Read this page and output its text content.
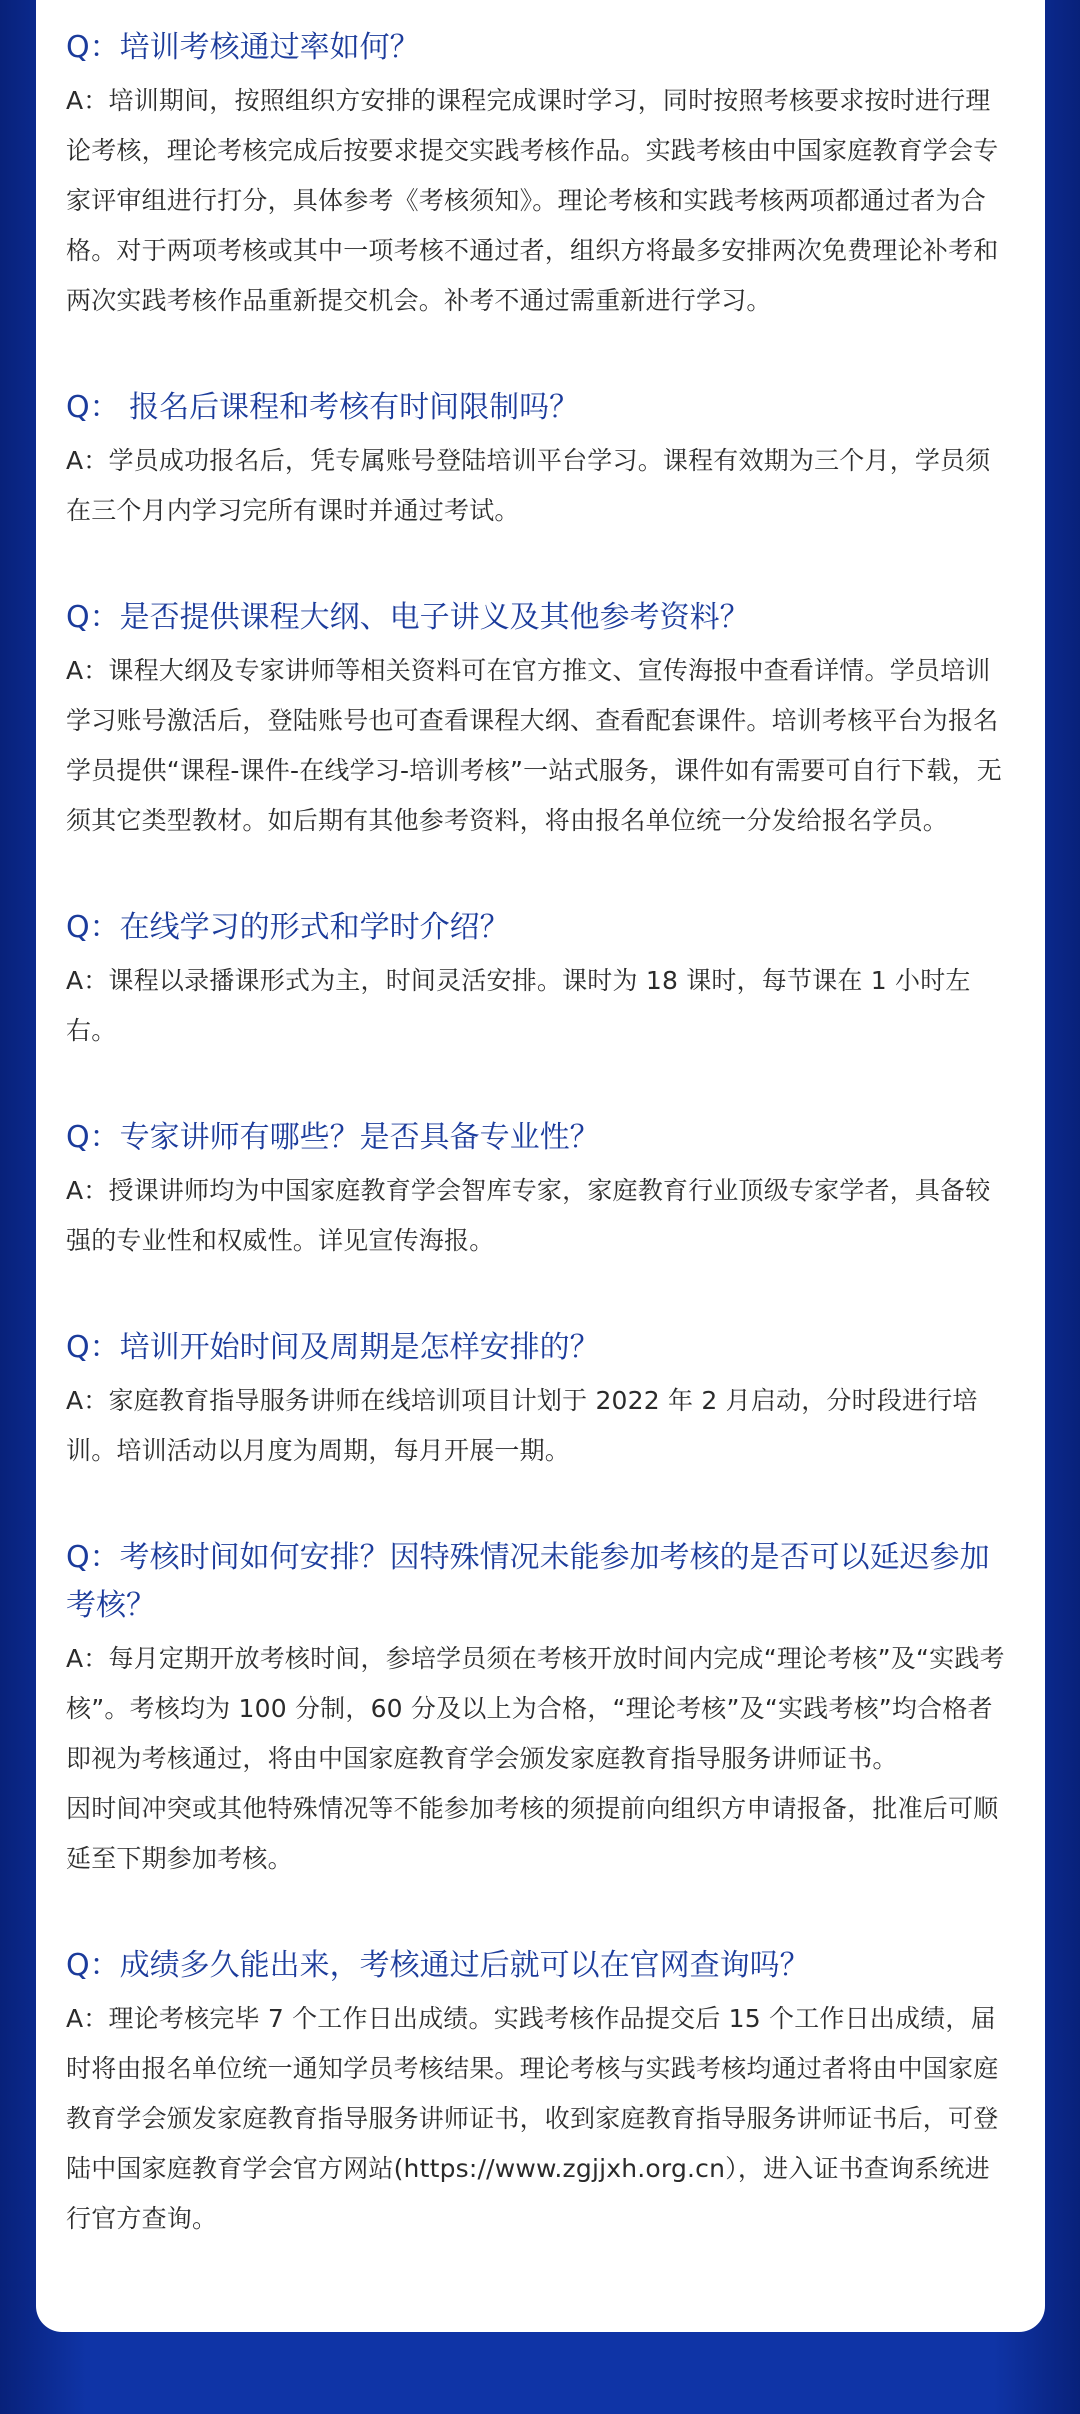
Q：培训考核通过率如何？

A：培训期间，按照组织方安排的课程完成课时学习，同时按照考核要求按时进行理论考核，理论考核完成后按要求提交实践考核作品。实践考核由中国家庭教育学会专家评审组进行打分，具体参考《考核须知》。理论考核和实践考核两项都通过者为合格。对于两项考核或其中一项考核不通过者，组织方将最多安排两次免费理论补考和两次实践考核作品重新提交机会。补考不通过需重新进行学习。

Q： 报名后课程和考核有时间限制吗？

A：学员成功报名后，凭专属账号登陆培训平台学习。课程有效期为三个月，学员须在三个月内学习完所有课时并通过考试。

Q：是否提供课程大纲、电子讲义及其他参考资料？

A：课程大纲及专家讲师等相关资料可在官方推文、宣传海报中查看详情。学员培训学习账号激活后，登陆账号也可查看课程大纲、查看配套课件。培训考核平台为报名学员提供“课程-课件-在线学习-培训考核”一站式服务，课件如有需要可自行下载，无须其它类型教材。如后期有其他参考资料，将由报名单位统一分发给报名学员。

Q：在线学习的形式和学时介绍？

A：课程以录播课形式为主，时间灵活安排。课时为 18 课时，每节课在 1 小时左右。

Q：专家讲师有哪些？是否具备专业性？

A：授课讲师均为中国家庭教育学会智库专家，家庭教育行业顶级专家学者，具备较强的专业性和权威性。详见宣传海报。

Q：培训开始时间及周期是怎样安排的？

A：家庭教育指导服务讲师在线培训项目计划于 2022 年 2 月启动，分时段进行培训。培训活动以月度为周期，每月开展一期。

Q：考核时间如何安排？因特殊情况未能参加考核的是否可以延迟参加考核？

A：每月定期开放考核时间，参培学员须在考核开放时间内完成“理论考核”及“实践考核”。考核均为 100 分制，60 分及以上为合格，“理论考核”及“实践考核”均合格者即视为考核通过，将由中国家庭教育学会颁发家庭教育指导服务讲师证书。

因时间冲突或其他特殊情况等不能参加考核的须提前向组织方申请报备，批准后可顺延至下期参加考核。

Q：成绩多久能出来，考核通过后就可以在官网查询吗？

A：理论考核完毕 7 个工作日出成绩。实践考核作品提交后 15 个工作日出成绩，届时将由报名单位统一通知学员考核结果。理论考核与实践考核均通过者将由中国家庭教育学会颁发家庭教育指导服务讲师证书，收到家庭教育指导服务讲师证书后，可登陆中国家庭教育学会官方网站(https://www.zgjjxh.org.cn），进入证书查询系统进行官方查询。
